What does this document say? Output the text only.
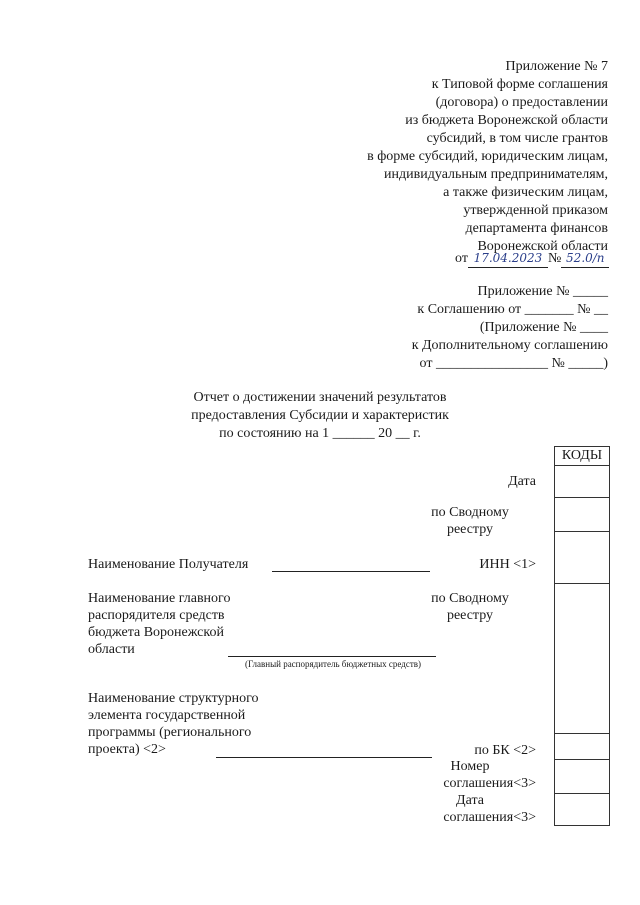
Приложение № 7
к Типовой форме соглашения
(договора) о предоставлении
из бюджета Воронежской области
субсидий, в том числе грантов
в форме субсидий, юридическим лицам,
индивидуальным предпринимателям,
а также физическим лицам,
утвержденной приказом
департамента финансов
Воронежской области
от 17.04.2023 № 52.0/п
Приложение № _____
к Соглашению от _______ № __
(Приложение № ____
к Дополнительному соглашению
от ________________ № _____)
Отчет о достижении значений результатов
предоставления Субсидии и характеристик
по состоянию на 1 ______ 20 __ г.
КОДЫ
Дата
по Сводному
реестру
ИНН <1>
по Сводному
реестру
по БК <2>
Номер
соглашения<3>
Дата
соглашения<3>
Наименование Получателя
Наименование главного
распорядителя средств
бюджета Воронежской
области
(Главный распорядитель бюджетных средств)
Наименование структурного
элемента государственной
программы (регионального
проекта) <2>
